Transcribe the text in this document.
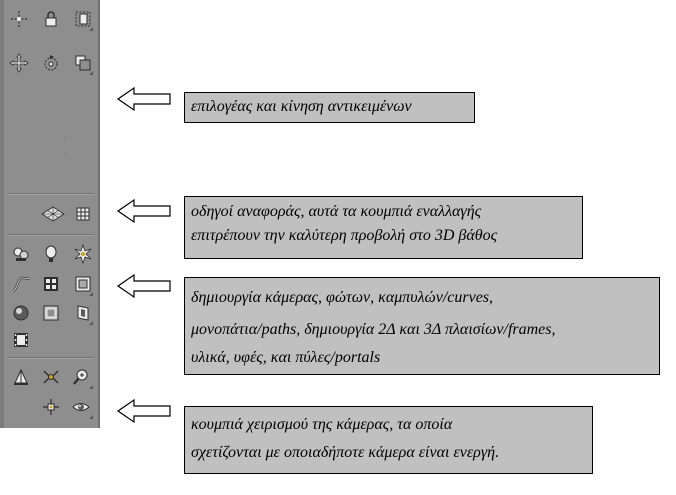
επιλογέας και κίνηση αντικειμένων
οδηγοί αναφοράς, αυτά τα κουμπιά εναλλαγής
επιτρέπουν την καλύτερη προβολή στο 3D βάθος
δημιουργία κάμερας, φώτων, καμπυλών/curves,
μονοπάτια/paths, δημιουργία 2Δ και 3Δ πλαισίων/frames,
υλικά, υφές, και πύλες/portals
κουμπιά χειρισμού της κάμερας, τα οποία
σχετίζονται με οποιαδήποτε κάμερα είναι ενεργή.
